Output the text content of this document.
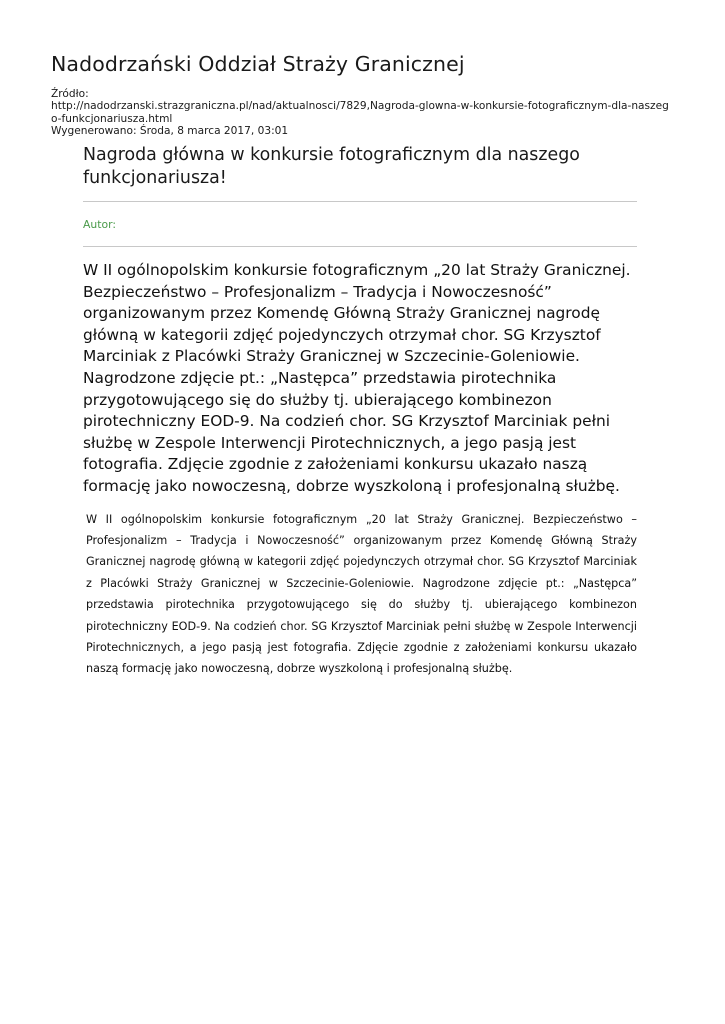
Nadodrzański Oddział Straży Granicznej
Źródło:
http://nadodrzanski.strazgraniczna.pl/nad/aktualnosci/7829,Nagroda-glowna-w-konkursie-fotograficznym-dla-naszego-funkcjonariusza.html
Wygenerowano: Środa, 8 marca 2017, 03:01
Nagroda główna w konkursie fotograficznym dla naszego funkcjonariusza!

Autor:

W II ogólnopolskim konkursie fotograficznym „20 lat Straży Granicznej. Bezpieczeństwo – Profesjonalizm – Tradycja i Nowoczesność” organizowanym przez Komendę Główną Straży Granicznej nagrodę główną w kategorii zdjęć pojedynczych otrzymał chor. SG Krzysztof Marciniak z Placówki Straży Granicznej w Szczecinie-Goleniowie. Nagrodzone zdjęcie pt.: „Następca” przedstawia pirotechnika przygotowującego się do służby tj. ubierającego kombinezon pirotechniczny EOD-9. Na codzień chor. SG Krzysztof Marciniak pełni służbę w Zespole Interwencji Pirotechnicznych, a jego pasją jest fotografia. Zdjęcie zgodnie z założeniami konkursu ukazało naszą formację jako nowoczesną, dobrze wyszkoloną i profesjonalną służbę.

W II ogólnopolskim konkursie fotograficznym „20 lat Straży Granicznej. Bezpieczeństwo – Profesjonalizm – Tradycja i Nowoczesność” organizowanym przez Komendę Główną Straży Granicznej nagrodę główną w kategorii zdjęć pojedynczych otrzymał chor. SG Krzysztof Marciniak z Placówki Straży Granicznej w Szczecinie-Goleniowie. Nagrodzone zdjęcie pt.: „Następca” przedstawia pirotechnika przygotowującego się do służby tj. ubierającego kombinezon pirotechniczny EOD-9. Na codzień chor. SG Krzysztof Marciniak pełni służbę w Zespole Interwencji Pirotechnicznych, a jego pasją jest fotografia. Zdjęcie zgodnie z założeniami konkursu ukazało naszą formację jako nowoczesną, dobrze wyszkoloną i profesjonalną służbę.
